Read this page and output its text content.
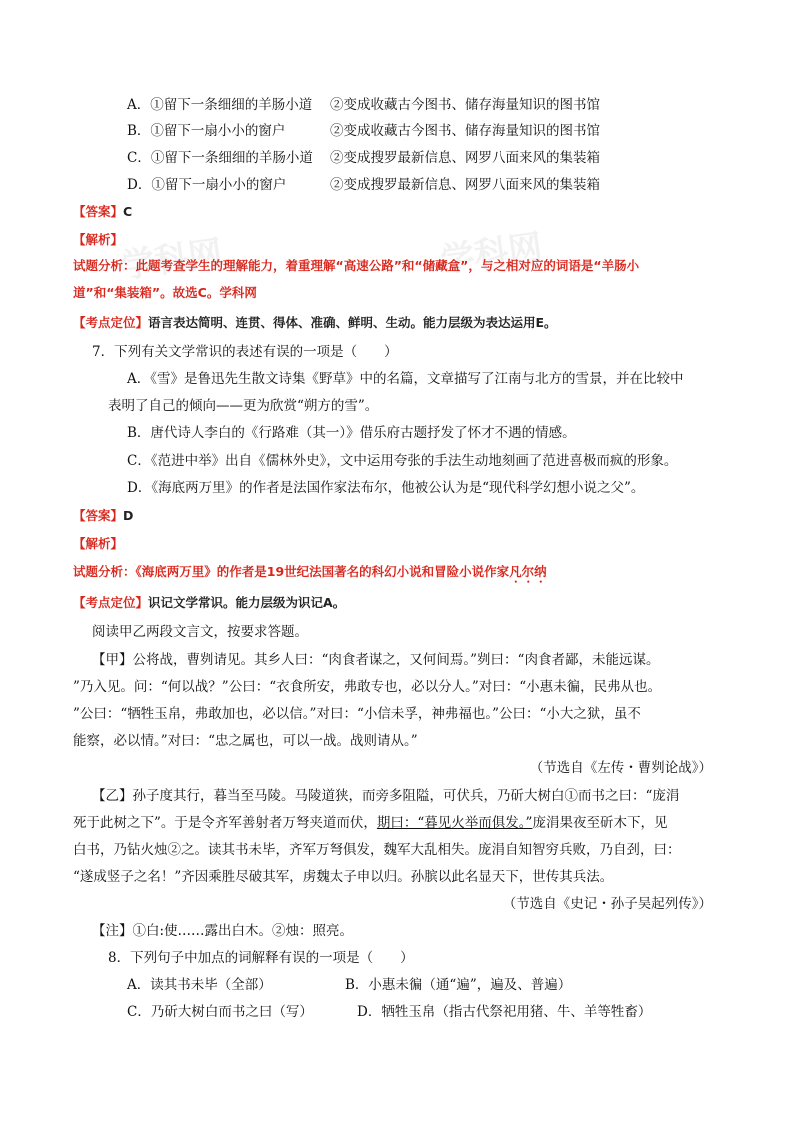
学科网	学科网
A．①留下一条细细的羊肠小道 ②变成收藏古今图书、储存海量知识的图书馆
B．①留下一扇小小的窗户	②变成收藏古今图书、储存海量知识的图书馆
C．①留下一条细细的羊肠小道 ②变成搜罗最新信息、网罗八面来风的集装箱
D．①留下一扇小小的窗户	②变成搜罗最新信息、网罗八面来风的集装箱
【答案】C
【解析】
试题分析：此题考查学生的理解能力，着重理解“高速公路”和“储藏盒”，与之相对应的词语是“羊肠小
道”和“集装箱”。故选C。学科网
【考点定位】语言表达简明、连贯、得体、准确、鲜明、生动。能力层级为表达运用E。
7．下列有关文学常识的表述有误的一项是（　　）
A．《雪》是鲁迅先生散文诗集《野草》中的名篇，文章描写了江南与北方的雪景，并在比较中
表明了自己的倾向——更为欣赏“朔方的雪”。
B．唐代诗人李白的《行路难（其一）》借乐府古题抒发了怀才不遇的情感。
C．《范进中举》出自《儒林外史》，文中运用夸张的手法生动地刻画了范进喜极而疯的形象。
D．《海底两万里》的作者是法国作家法布尔，他被公认为是“现代科学幻想小说之父”。
【答案】D
【解析】
试题分析：《海底两万里》的作者是19世纪法国著名的科幻小说和冒险小说作家凡尔纳
【考点定位】识记文学常识。能力层级为识记A。
阅读甲乙两段文言文，按要求答题。
【甲】公将战，曹刿请见。其乡人曰：“肉食者谋之，又何间焉。”刿曰：“肉食者鄙，未能远谋。
”乃入见。问：“何以战？”公曰：“衣食所安，弗敢专也，必以分人。”对曰：“小惠未徧，民弗从也。
”公曰：“牺牲玉帛，弗敢加也，必以信。”对曰：“小信未孚，神弗福也。”公曰：“小大之狱，虽不
能察，必以情。”对曰：“忠之属也，可以一战。战则请从。”
（节选自《左传・曹刿论战》）
【乙】孙子度其行，暮当至马陵。马陵道狭，而旁多阻隘，可伏兵，乃斫大树白①而书之曰：“庞涓
死于此树之下”。于是令齐军善射者万弩夹道而伏，期曰：“暮见火举而俱发。”庞涓果夜至斫木下，见
白书，乃钻火烛②之。读其书未毕，齐军万弩俱发，魏军大乱相失。庞涓自知智穷兵败，乃自刭，曰：
“遂成竖子之名！”齐因乘胜尽破其军，虏魏太子申以归。孙膑以此名显天下，世传其兵法。
（节选自《史记・孙子吴起列传》）
【注】①白:使……露出白木。②烛：照亮。
8．下列句子中加点的词解释有误的一项是（　　）
A．读其书未毕（全部）	B．小惠未徧（通“遍”，遍及、普遍）
C．乃斫大树白而书之曰（写）	D．牺牲玉帛（指古代祭祀用猪、牛、羊等牲畜）
